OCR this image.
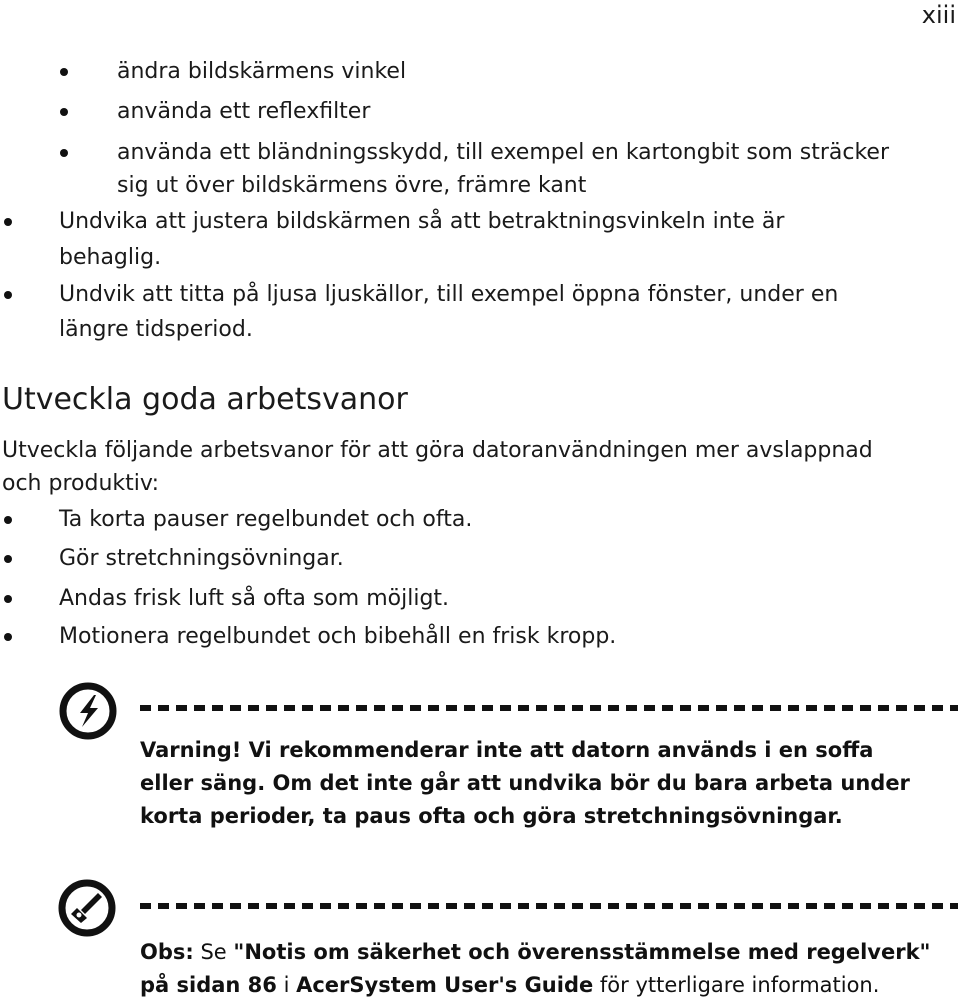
xiii
ändra bildskärmens vinkel
använda ett reflexfilter
använda ett bländningsskydd, till exempel en kartongbit som sträcker
sig ut över bildskärmens övre, främre kant
Undvika att justera bildskärmen så att betraktningsvinkeln inte är
behaglig.
Undvik att titta på ljusa ljuskällor, till exempel öppna fönster, under en
längre tidsperiod.
Utveckla goda arbetsvanor
Utveckla följande arbetsvanor för att göra datoranvändningen mer avslappnad
och produktiv:
Ta korta pauser regelbundet och ofta.
Gör stretchningsövningar.
Andas frisk luft så ofta som möjligt.
Motionera regelbundet och bibehåll en frisk kropp.
Varning! Vi rekommenderar inte att datorn används i en soffa
eller säng. Om det inte går att undvika bör du bara arbeta under
korta perioder, ta paus ofta och göra stretchningsövningar.
Obs: Se "Notis om säkerhet och överensstämmelse med regelverk"
på sidan 86 i AcerSystem User's Guide för ytterligare information.
